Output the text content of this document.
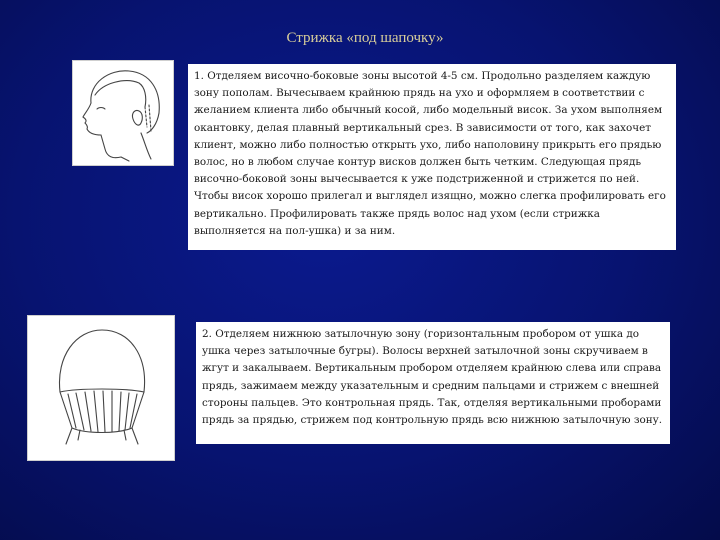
Стрижка «под шапочку»
1. Отделяем височно-боковые зоны высотой 4-5 см. Продольно разделяем каждую зону пополам. Вычесываем крайнюю прядь на ухо и оформляем в соответствии с желанием клиента либо обычный косой, либо модельный висок. За ухом выполняем окантовку, делая плавный вертикальный срез. В зависимости от того, как захочет клиент, можно либо полностью открыть ухо, либо наполовину прикрыть его прядью волос, но в любом случае контур висков должен быть четким. Следующая прядь височно-боковой зоны вычесывается к уже подстриженной и стрижется по ней. Чтобы висок хорошо прилегал и выглядел изящно, можно слегка профилировать его вертикально. Профилировать также прядь волос над ухом (если стрижка выполняется на пол-ушка) и за ним.
2. Отделяем нижнюю затылочную зону (горизонтальным пробором от ушка до ушка через затылочные бугры). Волосы верхней затылочной зоны скручиваем в жгут и закалываем. Вертикальным пробором отделяем крайнюю слева или справа прядь, зажимаем между указательным и средним пальцами и стрижем с внешней стороны пальцев. Это контрольная прядь. Так, отделяя вертикальными проборами прядь за прядью, стрижем под контрольную прядь всю нижнюю затылочную зону.
